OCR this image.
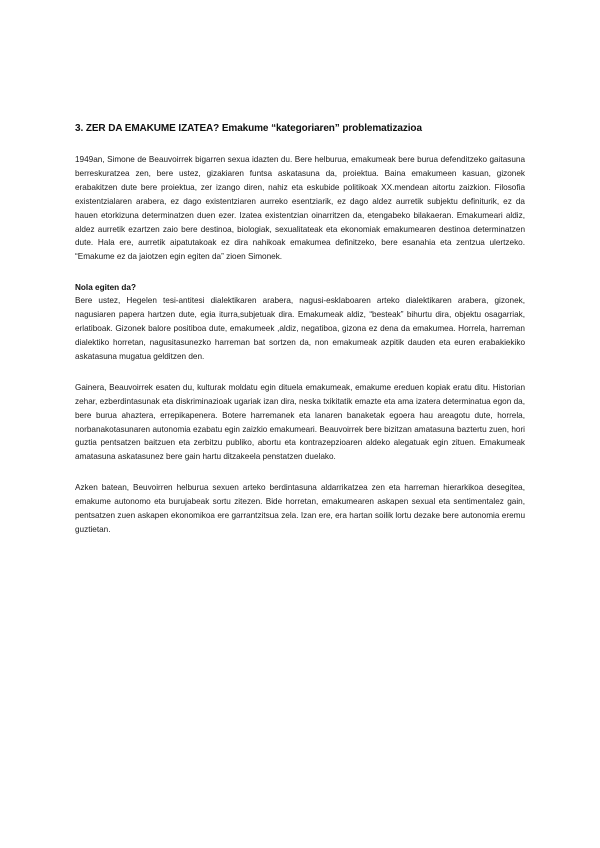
3. ZER DA EMAKUME IZATEA? Emakume “kategoriaren” problematizazioa

1949an, Simone de Beauvoirrek bigarren sexua idazten du. Bere helburua, emakumeak bere burua defenditzeko gaitasuna berreskuratzea zen, bere ustez, gizakiaren funtsa askatasuna da, proiektua. Baina emakumeen kasuan, gizonek erabakitzen dute bere proiektua, zer izango diren, nahiz eta eskubide politikoak XX.mendean aitortu zaizkion. Filosofia existentzialaren arabera, ez dago existentziaren aurreko esentziarik, ez dago aldez aurretik subjektu definiturik, ez da hauen etorkizuna determinatzen duen ezer. Izatea existentzian oinarritzen da, etengabeko bilakaeran. Emakumeari aldiz, aldez aurretik ezartzen zaio bere destinoa, biologiak, sexualitateak eta ekonomiak emakumearen destinoa determinatzen dute. Hala ere, aurretik aipatutakoak ez dira nahikoak emakumea definitzeko, bere esanahia eta zentzua ulertzeko. “Emakume ez da jaiotzen egin egiten da” zioen Simonek.

Nola egiten da?

Bere ustez, Hegelen tesi-antitesi dialektikaren arabera, nagusi-esklaboaren arteko dialektikaren arabera, gizonek, nagusiaren papera hartzen dute, egia iturra,subjetuak dira. Emakumeak aldiz, “besteak” bihurtu dira, objektu osagarriak, erlatiboak. Gizonek balore positiboa dute, emakumeek ,aldiz, negatiboa, gizona ez dena da emakumea. Horrela, harreman dialektiko horretan, nagusitasunezko harreman bat sortzen da, non emakumeak azpitik dauden eta euren erabakiekiko askatasuna mugatua gelditzen den.

Gainera, Beauvoirrek esaten du, kulturak moldatu egin dituela emakumeak, emakume ereduen kopiak eratu ditu. Historian zehar, ezberdintasunak eta diskriminazioak ugariak izan dira, neska txikitatik emazte eta ama izatera determinatua egon da, bere burua ahaztera, errepikapenera. Botere harremanek eta lanaren banaketak egoera hau areagotu dute, horrela, norbanakotasunaren autonomia ezabatu egin zaizkio emakumeari. Beauvoirrek bere bizitzan amatasuna baztertu zuen, hori guztia pentsatzen baitzuen eta zerbitzu publiko, abortu eta kontrazepzioaren aldeko alegatuak egin zituen. Emakumeak amatasuna askatasunez bere gain hartu ditzakeela penstatzen duelako.

Azken batean, Beuvoirren helburua sexuen arteko berdintasuna aldarrikatzea zen eta harreman hierarkikoa desegitea, emakume autonomo eta burujabeak sortu zitezen. Bide horretan, emakumearen askapen sexual eta sentimentalez gain, pentsatzen zuen askapen ekonomikoa ere garrantzitsua zela. Izan ere, era hartan soilik lortu dezake bere autonomia eremu guztietan.
